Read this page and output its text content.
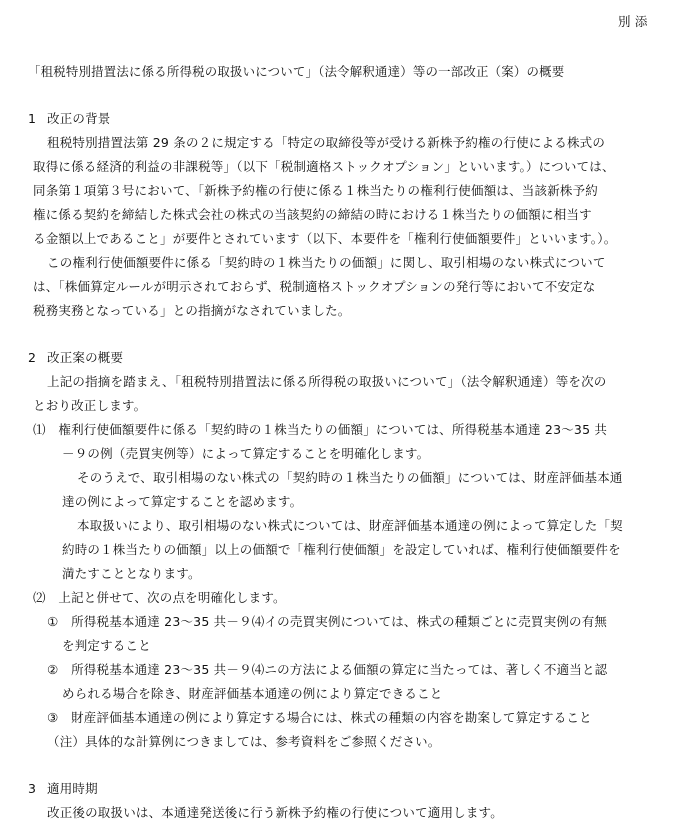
別 添
「租税特別措置法に係る所得税の取扱いについて」（法令解釈通達）等の一部改正（案）の概要
1 改正の背景
租税特別措置法第 29 条の２に規定する「特定の取締役等が受ける新株予約権の行使による株式の
取得に係る経済的利益の非課税等」（以下「税制適格ストックオプション」といいます。）については、
同条第１項第３号において、「新株予約権の行使に係る１株当たりの権利行使価額は、当該新株予約
権に係る契約を締結した株式会社の株式の当該契約の締結の時における１株当たりの価額に相当す
る金額以上であること」が要件とされています（以下、本要件を「権利行使価額要件」といいます。）。
この権利行使価額要件に係る「契約時の１株当たりの価額」に関し、取引相場のない株式について
は、「株価算定ルールが明示されておらず、税制適格ストックオプションの発行等において不安定な
税務実務となっている」との指摘がなされていました。
2 改正案の概要
上記の指摘を踏まえ、「租税特別措置法に係る所得税の取扱いについて」（法令解釈通達）等を次の
とおり改正します。
⑴　権利行使価額要件に係る「契約時の１株当たりの価額」については、所得税基本通達 23～35 共
－９の例（売買実例等）によって算定することを明確化します。
そのうえで、取引相場のない株式の「契約時の１株当たりの価額」については、財産評価基本通
達の例によって算定することを認めます。
本取扱いにより、取引相場のない株式については、財産評価基本通達の例によって算定した「契
約時の１株当たりの価額」以上の価額で「権利行使価額」を設定していれば、権利行使価額要件を
満たすこととなります。
⑵　上記と併せて、次の点を明確化します。
①　所得税基本通達 23～35 共－９⑷イの売買実例については、株式の種類ごとに売買実例の有無
を判定すること
②　所得税基本通達 23～35 共－９⑷ニの方法による価額の算定に当たっては、著しく不適当と認
められる場合を除き、財産評価基本通達の例により算定できること
③　財産評価基本通達の例により算定する場合には、株式の種類の内容を勘案して算定すること
（注）具体的な計算例につきましては、参考資料をご参照ください。
3 適用時期
改正後の取扱いは、本通達発送後に行う新株予約権の行使について適用します。
